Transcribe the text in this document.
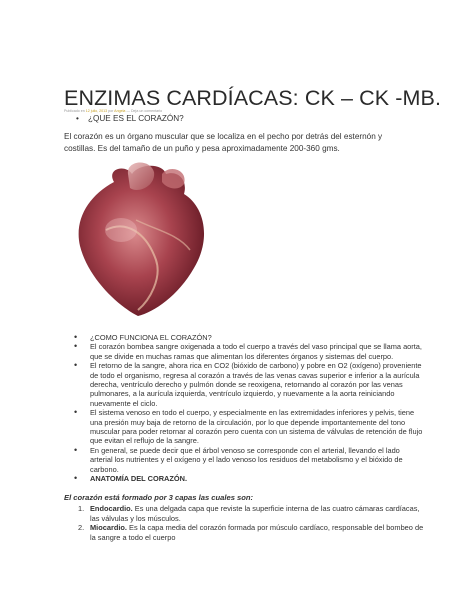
ENZIMAS CARDÍACAS: CK – CK -MB.
Publicado en 12 julio, 2013 por Angela — Deja un comentario
• ¿QUE ES EL CORAZÓN?
El corazón es un órgano muscular que se localiza en el pecho por detrás del esternón y costillas. Es del tamaño de un puño y pesa aproximadamente 200-360 gms.
• ¿COMO FUNCIONA EL CORAZÓN?
• El corazón bombea sangre oxigenada a todo el cuerpo a través del vaso principal que se llama aorta, que se divide en muchas ramas que alimentan los diferentes órganos y sistemas del cuerpo.
• El retorno de la sangre, ahora rica en CO2 (bióxido de carbono) y pobre en O2 (oxígeno) proveniente de todo el organismo, regresa al corazón a través de las venas cavas superior e inferior a la aurícula derecha, ventrículo derecho y pulmón donde se reoxigena, retornando al corazón por las venas pulmonares, a la aurícula izquierda, ventrículo izquierdo, y nuevamente a la aorta reiniciando nuevamente el ciclo.
• El sistema venoso en todo el cuerpo, y especialmente en las extremidades inferiores y pelvis, tiene una presión muy baja de retorno de la circulación, por lo que depende importantemente del tono muscular para poder retornar al corazón pero cuenta con un sistema de válvulas de retención de flujo que evitan el reflujo de la sangre.
• En general, se puede decir que el árbol venoso se corresponde con el arterial, llevando el lado arterial los nutrientes y el oxígeno y el lado venoso los residuos del metabolismo y el bióxido de carbono.
• ANATOMÍA DEL CORAZÓN.
El corazón está formado por 3 capas las cuales son:
1. Endocardio. Es una delgada capa que reviste la superficie interna de las cuatro cámaras cardíacas, las válvulas y los músculos.
2. Miocardio. Es la capa media del corazón formada por músculo cardíaco, responsable del bombeo de la sangre a todo el cuerpo
